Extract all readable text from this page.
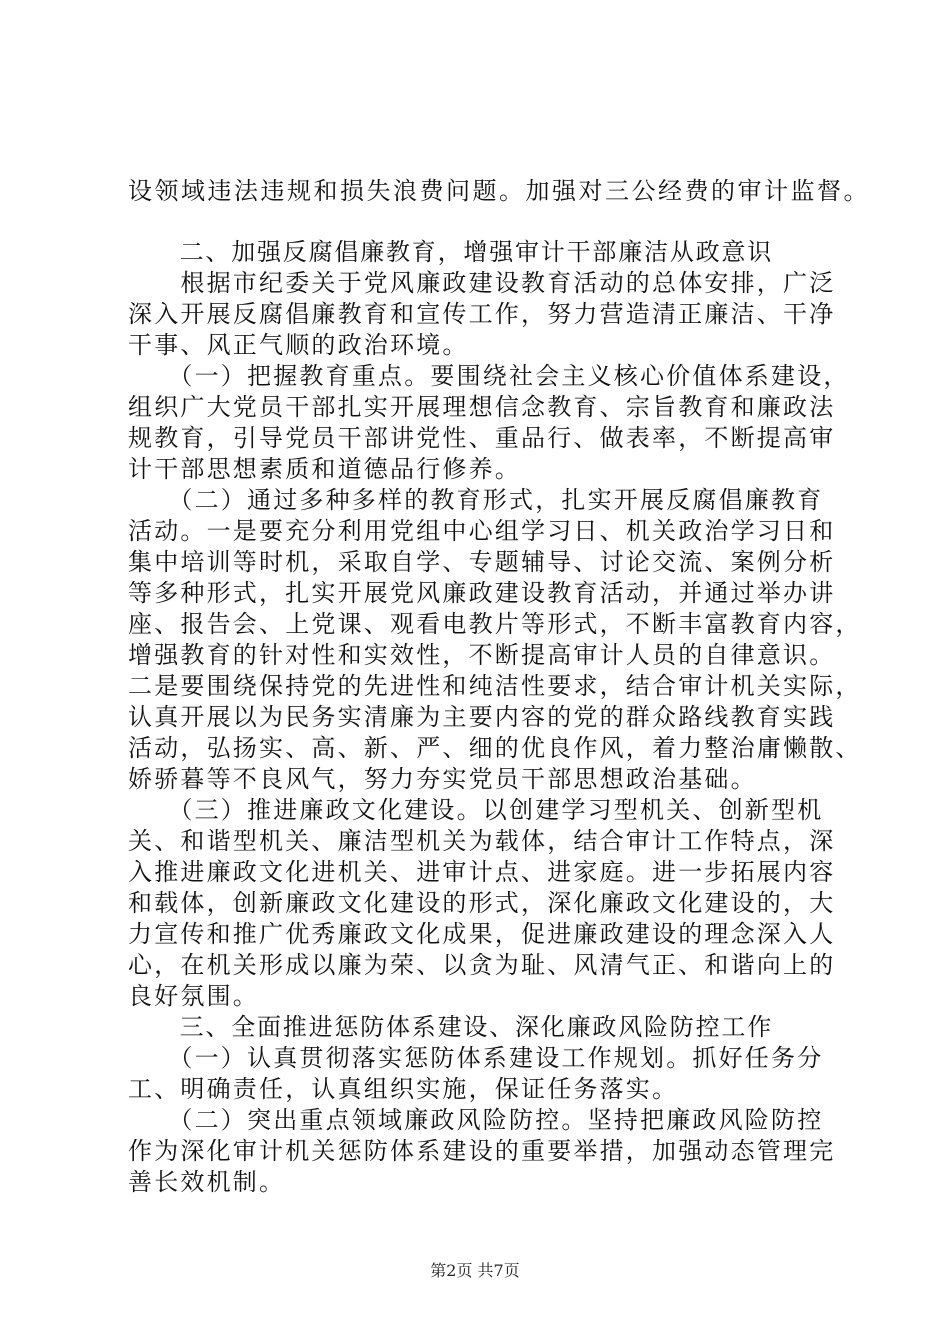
设领域违法违规和损失浪费问题。加强对三公经费的审计监督。
　　二、加强反腐倡廉教育，增强审计干部廉洁从政意识
　　根据市纪委关于党风廉政建设教育活动的总体安排，广泛
深入开展反腐倡廉教育和宣传工作，努力营造清正廉洁、干净
干事、风正气顺的政治环境。
　　（一）把握教育重点。要围绕社会主义核心价值体系建设，
组织广大党员干部扎实开展理想信念教育、宗旨教育和廉政法
规教育，引导党员干部讲党性、重品行、做表率，不断提高审
计干部思想素质和道德品行修养。
　　（二）通过多种多样的教育形式，扎实开展反腐倡廉教育
活动。一是要充分利用党组中心组学习日、机关政治学习日和
集中培训等时机，采取自学、专题辅导、讨论交流、案例分析
等多种形式，扎实开展党风廉政建设教育活动，并通过举办讲
座、报告会、上党课、观看电教片等形式，不断丰富教育内容，
增强教育的针对性和实效性，不断提高审计人员的自律意识。
二是要围绕保持党的先进性和纯洁性要求，结合审计机关实际，
认真开展以为民务实清廉为主要内容的党的群众路线教育实践
活动，弘扬实、高、新、严、细的优良作风，着力整治庸懒散、
娇骄暮等不良风气，努力夯实党员干部思想政治基础。
　　（三）推进廉政文化建设。以创建学习型机关、创新型机
关、和谐型机关、廉洁型机关为载体，结合审计工作特点，深
入推进廉政文化进机关、进审计点、进家庭。进一步拓展内容
和载体，创新廉政文化建设的形式，深化廉政文化建设的，大
力宣传和推广优秀廉政文化成果，促进廉政建设的理念深入人
心，在机关形成以廉为荣、以贪为耻、风清气正、和谐向上的
良好氛围。
　　三、全面推进惩防体系建设、深化廉政风险防控工作
　　（一）认真贯彻落实惩防体系建设工作规划。抓好任务分
工、明确责任，认真组织实施，保证任务落实。
　　（二）突出重点领域廉政风险防控。坚持把廉政风险防控
作为深化审计机关惩防体系建设的重要举措，加强动态管理完
善长效机制。
第2页 共7页
